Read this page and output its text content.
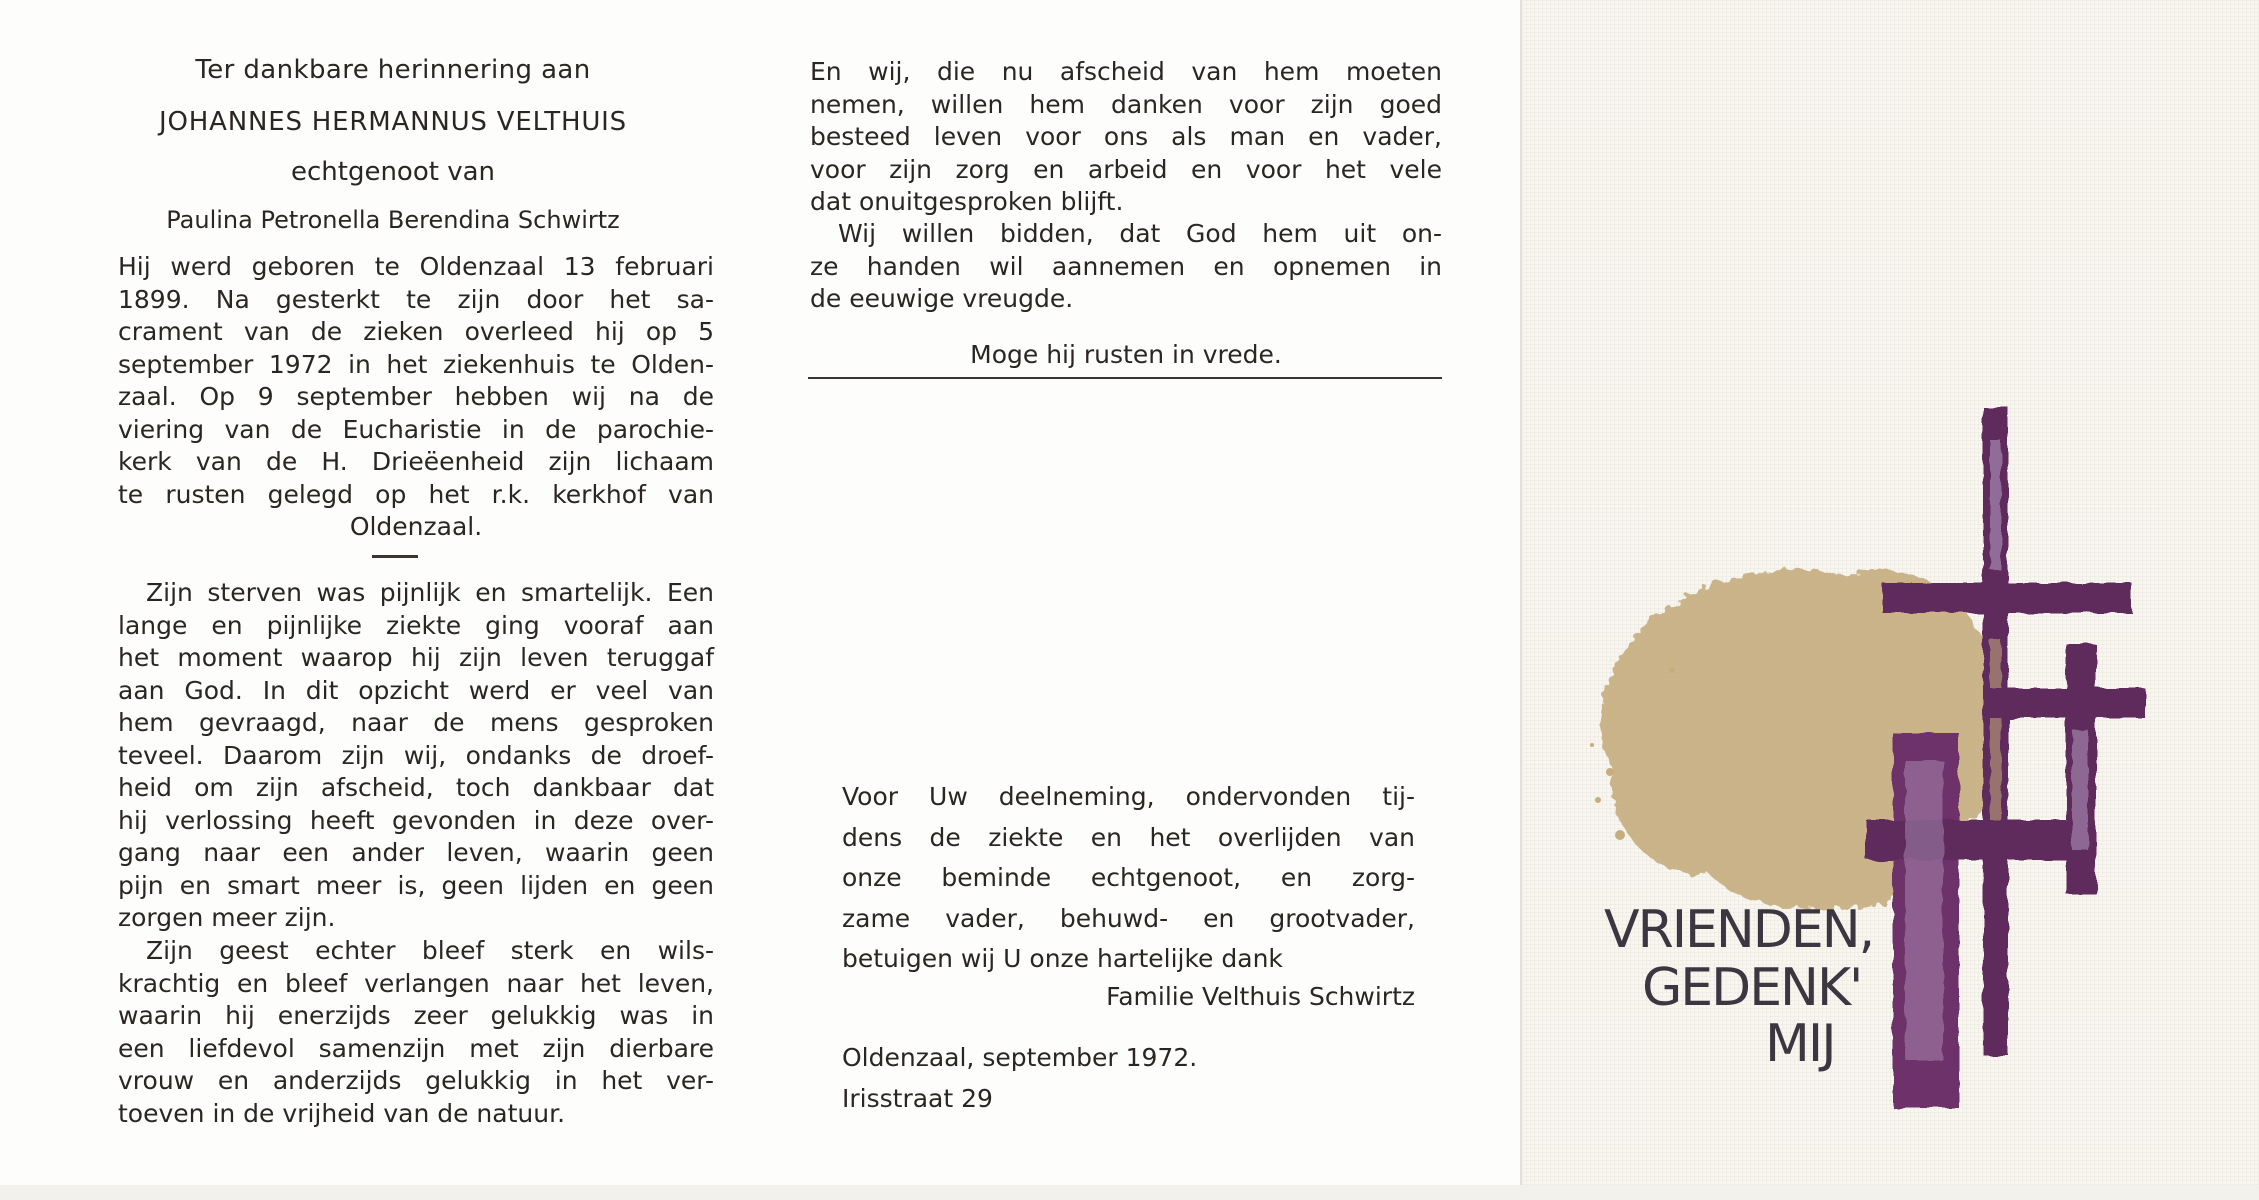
Ter dankbare herinnering aan
JOHANNES HERMANNUS VELTHUIS
echtgenoot van
Paulina Petronella Berendina Schwirtz
Hij werd geboren te Oldenzaal 13 februari
1899. Na gesterkt te zijn door het sa-
crament van de zieken overleed hij op 5
september 1972 in het ziekenhuis te Olden-
zaal. Op 9 september hebben wij na de
viering van de Eucharistie in de parochie-
kerk van de H. Drieëenheid zijn lichaam
te rusten gelegd op het r.k. kerkhof van
Oldenzaal.
Zijn sterven was pijnlijk en smartelijk. Een
lange en pijnlijke ziekte ging vooraf aan
het moment waarop hij zijn leven teruggaf
aan God. In dit opzicht werd er veel van
hem gevraagd, naar de mens gesproken
teveel. Daarom zijn wij, ondanks de droef-
heid om zijn afscheid, toch dankbaar dat
hij verlossing heeft gevonden in deze over-
gang naar een ander leven, waarin geen
pijn en smart meer is, geen lijden en geen
zorgen meer zijn.
Zijn geest echter bleef sterk en wils-
krachtig en bleef verlangen naar het leven,
waarin hij enerzijds zeer gelukkig was in
een liefdevol samenzijn met zijn dierbare
vrouw en anderzijds gelukkig in het ver-
toeven in de vrijheid van de natuur.
En wij, die nu afscheid van hem moeten
nemen, willen hem danken voor zijn goed
besteed leven voor ons als man en vader,
voor zijn zorg en arbeid en voor het vele
dat onuitgesproken blijft.
Wij willen bidden, dat God hem uit on-
ze handen wil aannemen en opnemen in
de eeuwige vreugde.
Moge hij rusten in vrede.
Voor Uw deelneming, ondervonden tij-
dens de ziekte en het overlijden van
onze beminde echtgenoot, en zorg-
zame vader, behuwd- en grootvader,
betuigen wij U onze hartelijke dank
Familie Velthuis Schwirtz
Oldenzaal, september 1972.
Irisstraat 29
VRIENDEN,
GEDENK'
MIJ
